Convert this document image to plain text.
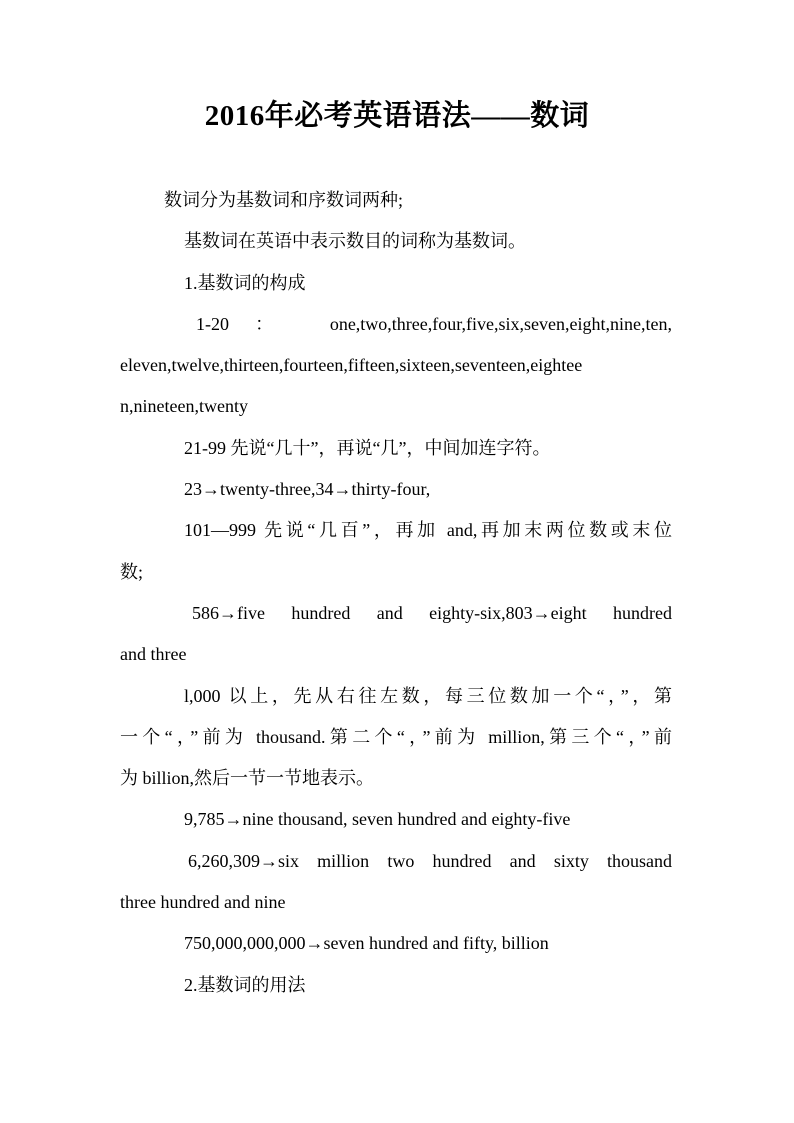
2016年必考英语语法——数词
数词分为基数词和序数词两种;
基数词在英语中表示数目的词称为基数词。
1.基数词的构成
1-20： one,two,three,four,five,six,seven,eight,nine,ten,
eleven,twelve,thirteen,fourteen,fifteen,sixteen,seventeen,eightee
n,nineteen,twenty
21-99 先说“几十”，再说“几”，中间加连字符。
23→twenty-three,34→thirty-four,
101—999 先说“几百”，再加 and,再加末两位数或末位
数;
586→five hundred and eighty-six,803→eight hundred
and three
l,000 以上，先从右往左数，每三位数加一个“，”，第
一个“，”前为 thousand.第二个“，”前为 million,第三个“，”前
为 billion,然后一节一节地表示。
9,785→nine thousand, seven hundred and eighty-five
6,260,309→six million two hundred and sixty thousand
three hundred and nine
750,000,000,000→seven hundred and fifty, billion
2.基数词的用法
